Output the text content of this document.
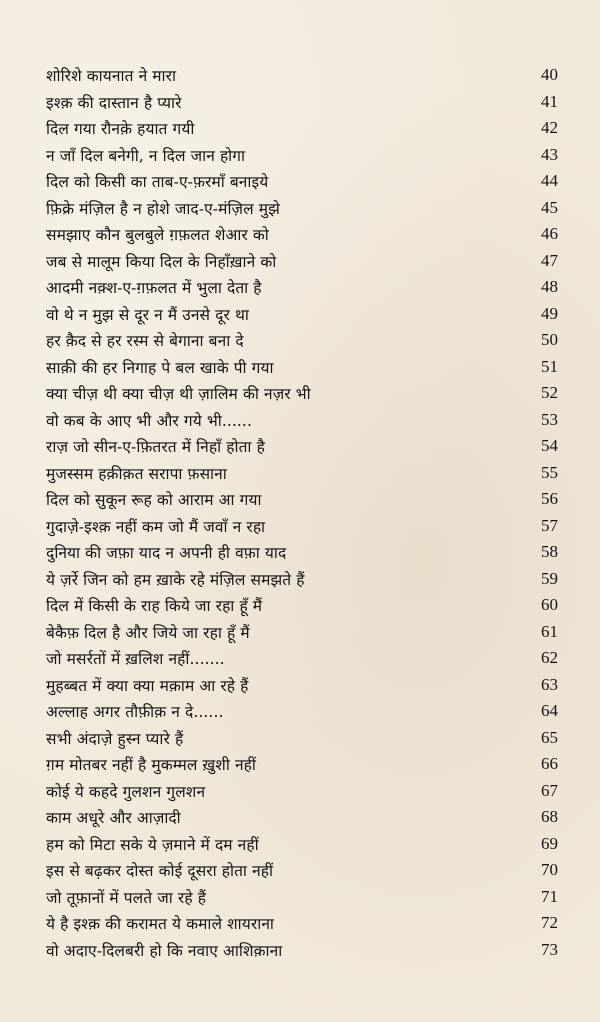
शोरिशे कायनात ने मारा	40
इश्क़ की दास्तान है प्यारे	41
दिल गया रौनक़े हयात गयी	42
न जाँ दिल बनेगी, न दिल जान होगा	43
दिल को किसी का ताब-ए-फ़रमाँ बनाइये	44
फ़िक्रे मंज़िल है न होशे जाद-ए-मंज़िल मुझे	45
समझाए कौन बुलबुले ग़फ़लत शेआर को	46
जब से मालूम किया दिल के निहाँख़ाने को	47
आदमी नक़्श-ए-ग़फ़लत में भुला देता है	48
वो थे न मुझ से दूर न मैं उनसे दूर था	49
हर क़ैद से हर रस्म से बेगाना बना दे	50
साक़ी की हर निगाह पे बल खाके पी गया	51
क्या चीज़ थी क्या चीज़ थी ज़ालिम की नज़र भी	52
वो कब के आए भी और गये भी......	53
राज़ जो सीन-ए-फ़ितरत में निहाँ होता है	54
मुजस्सम हक़ीक़त सरापा फ़साना	55
दिल को सुकून रूह को आराम आ गया	56
गुदाज़े-इश्क़ नहीं कम जो मैं जवाँ न रहा	57
दुनिया की जफ़ा याद न अपनी ही वफ़ा याद	58
ये ज़र्रे जिन को हम ख़ाके रहे मंज़िल समझते हैं	59
दिल में किसी के राह किये जा रहा हूँ मैं	60
बेकैफ़ दिल है और जिये जा रहा हूँ मैं	61
जो मसर्रतों में ख़लिश नहीं.......	62
मुहब्बत में क्या क्या मक़ाम आ रहे हैं	63
अल्लाह अगर तौफ़ीक़ न दे......	64
सभी अंदाज़े हुस्न प्यारे हैं	65
ग़म मोतबर नहीं है मुकम्मल ख़ुशी नहीं	66
कोई ये कहदे गुलशन गुलशन	67
काम अधूरे और आज़ादी	68
हम को मिटा सके ये ज़माने में दम नहीं	69
इस से बढ़कर दोस्त कोई दूसरा होता नहीं	70
जो तूफ़ानों में पलते जा रहे हैं	71
ये है इश्क़ की करामत ये कमाले शायराना	72
वो अदाए-दिलबरी हो कि नवाए आशिक़ाना	73
